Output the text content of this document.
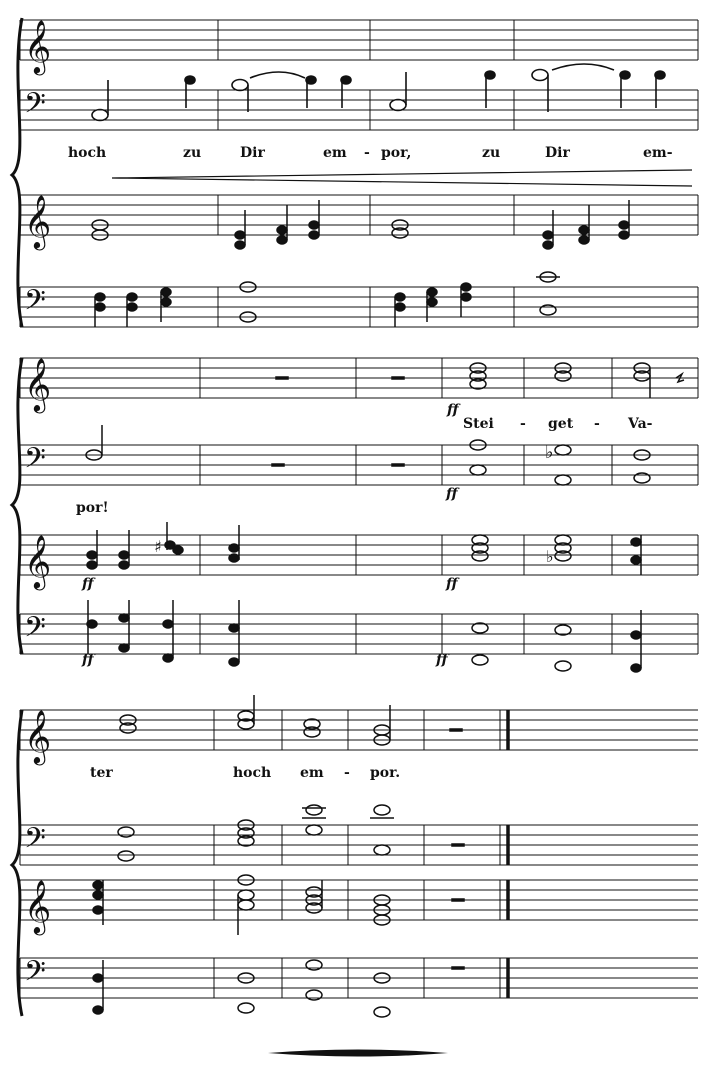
𝄞
𝄢
hoch	zu	Dir	em - por,	zu	Dir	em-
𝄞
𝄢
𝄞	ff
Stei - get - Va-
𝄢	♭
ff
por!
𝄞	♯
♭
ff	ff
𝄢
ff	ff
𝄞
ter	hoch em - por.
𝄢
𝄞
𝄢
